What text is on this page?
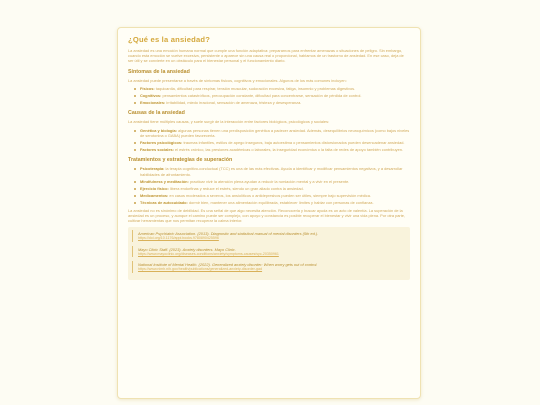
¿Qué es la ansiedad?

La ansiedad es una emoción humana normal que cumple una función adaptativa: prepararnos para enfrentar amenazas o situaciones de peligro. Sin embargo, cuando esta emoción se vuelve excesiva, persistente o aparece sin una causa real o proporcional, hablamos de un trastorno de ansiedad. En ese caso, deja de ser útil y se convierte en un obstáculo para el bienestar personal y el funcionamiento diario.

Síntomas de la ansiedad

La ansiedad puede presentarse a través de síntomas físicos, cognitivos y emocionales. Algunos de los más comunes incluyen:

Físicos: taquicardia, dificultad para respirar, tensión muscular, sudoración excesiva, fatiga, insomnio y problemas digestivos.
Cognitivos: pensamientos catastróficos, preocupación constante, dificultad para concentrarse, sensación de pérdida de control.
Emocionales: irritabilidad, miedo irracional, sensación de amenaza, tristeza y desesperanza.
Causas de la ansiedad

La ansiedad tiene múltiples causas, y suele surgir de la interacción entre factores biológicos, psicológicos y sociales:

Genética y biología: algunas personas tienen una predisposición genética a padecer ansiedad. Además, desequilibrios neuroquímicos (como bajos niveles de serotonina o GABA) pueden favorecerla.
Factores psicológicos: traumas infantiles, estilos de apego inseguros, baja autoestima o pensamientos distorsionados pueden desencadenar ansiedad.
Factores sociales: el estrés crónico, las presiones académicas o laborales, la inseguridad económica o la falta de redes de apoyo también contribuyen.
Tratamientos y estrategias de superación
Psicoterapia: la terapia cognitivo-conductual (TCC) es una de las más efectivas. Ayuda a identificar y modificar pensamientos negativos, y a desarrollar habilidades de afrontamiento.
Mindfulness y meditación: practicar vivir la atención plena ayudan a reducir la rumiación mental y a vivir en el presente.
Ejercicio físico: libera endorfinas y reduce el estrés, siendo un gran aliado contra la ansiedad.
Medicamentos: en casos moderados a severos, los ansiolíticos o antidepresivos pueden ser útiles, siempre bajo supervisión médica.
Técnicas de autocuidado: dormir bien, mantener una alimentación equilibrada, establecer límites y hablar con personas de confianza.

La ansiedad no es sinónimo de debilidad. Es una señal de que algo necesita atención. Reconocerla y buscar ayuda es un acto de valentía. La superación de la ansiedad es un proceso, y aunque el camino puede ser complejo, con apoyo y constancia es posible recuperar el bienestar y vivir una vida plena. Por otra parte, cultivar herramientas que nos permitan recuperar la calma interior.

American Psychiatric Association. (2013). Diagnostic and statistical manual of mental disorders (5th ed.).
https://doi.org/10.1176/appi.books.9780890425596
Mayo Clinic Staff. (2023). Anxiety disorders. Mayo Clinic.
https://www.mayoclinic.org/diseases-conditions/anxiety/symptoms-causes/syc-20350961
National Institute of Mental Health. (2022). Generalized anxiety disorder: When worry gets out of control.
https://www.nimh.nih.gov/health/publications/generalized-anxiety-disorder-gad
